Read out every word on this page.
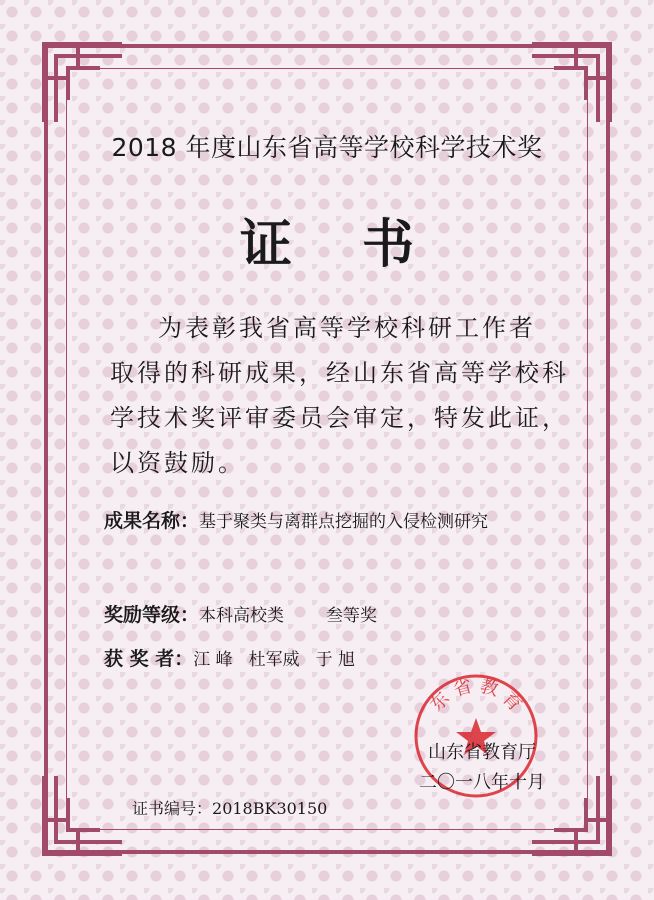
2018 年度山东省高等学校科学技术奖
证书

为表彰我省高等学校科研工作者

取得的科研成果，经山东省高等学校科

学技术奖评审委员会审定，特发此证，

以资鼓励。

成果名称：基于聚类与离群点挖掘的入侵检测研究
奖励等级：本科高校类 叁等奖
获 奖 者：江 峰 杜军威 于 旭
东 省 教 育
山东省教育厅
二〇一八年十月
证书编号：2018BK30150
